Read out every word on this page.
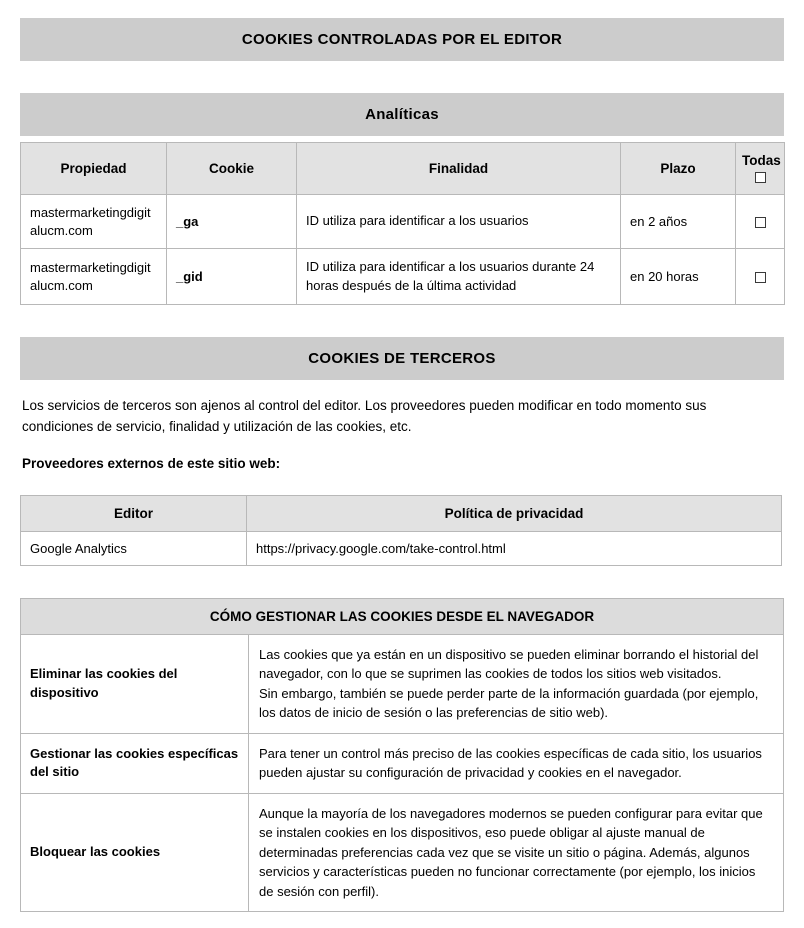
COOKIES CONTROLADAS POR EL EDITOR
Analíticas
Propiedad	Cookie	Finalidad	Plazo	Todas

mastermarketingdigitalucm.com	_ga	ID utiliza para identificar a los usuarios	en 2 años	
mastermarketingdigitalucm.com	_gid	ID utiliza para identificar a los usuarios durante 24 horas después de la última actividad	en 20 horas	
COOKIES DE TERCEROS

Los servicios de terceros son ajenos al control del editor. Los proveedores pueden modificar en todo momento sus condiciones de servicio, finalidad y utilización de las cookies, etc.

Proveedores externos de este sitio web:

Editor	Política de privacidad
Google Analytics	https://privacy.google.com/take-control.html
CÓMO GESTIONAR LAS COOKIES DESDE EL NAVEGADOR	
Eliminar las cookies del dispositivo	Las cookies que ya están en un dispositivo se pueden eliminar borrando el historial del navegador, con lo que se suprimen las cookies de todos los sitios web visitados.
Sin embargo, también se puede perder parte de la información guardada (por ejemplo, los datos de inicio de sesión o las preferencias de sitio web).
Gestionar las cookies específicas del sitio	Para tener un control más preciso de las cookies específicas de cada sitio, los usuarios pueden ajustar su configuración de privacidad y cookies en el navegador.
Bloquear las cookies	Aunque la mayoría de los navegadores modernos se pueden configurar para evitar que se instalen cookies en los dispositivos, eso puede obligar al ajuste manual de determinadas preferencias cada vez que se visite un sitio o página. Además, algunos servicios y características pueden no funcionar correctamente (por ejemplo, los inicios de sesión con perfil).
